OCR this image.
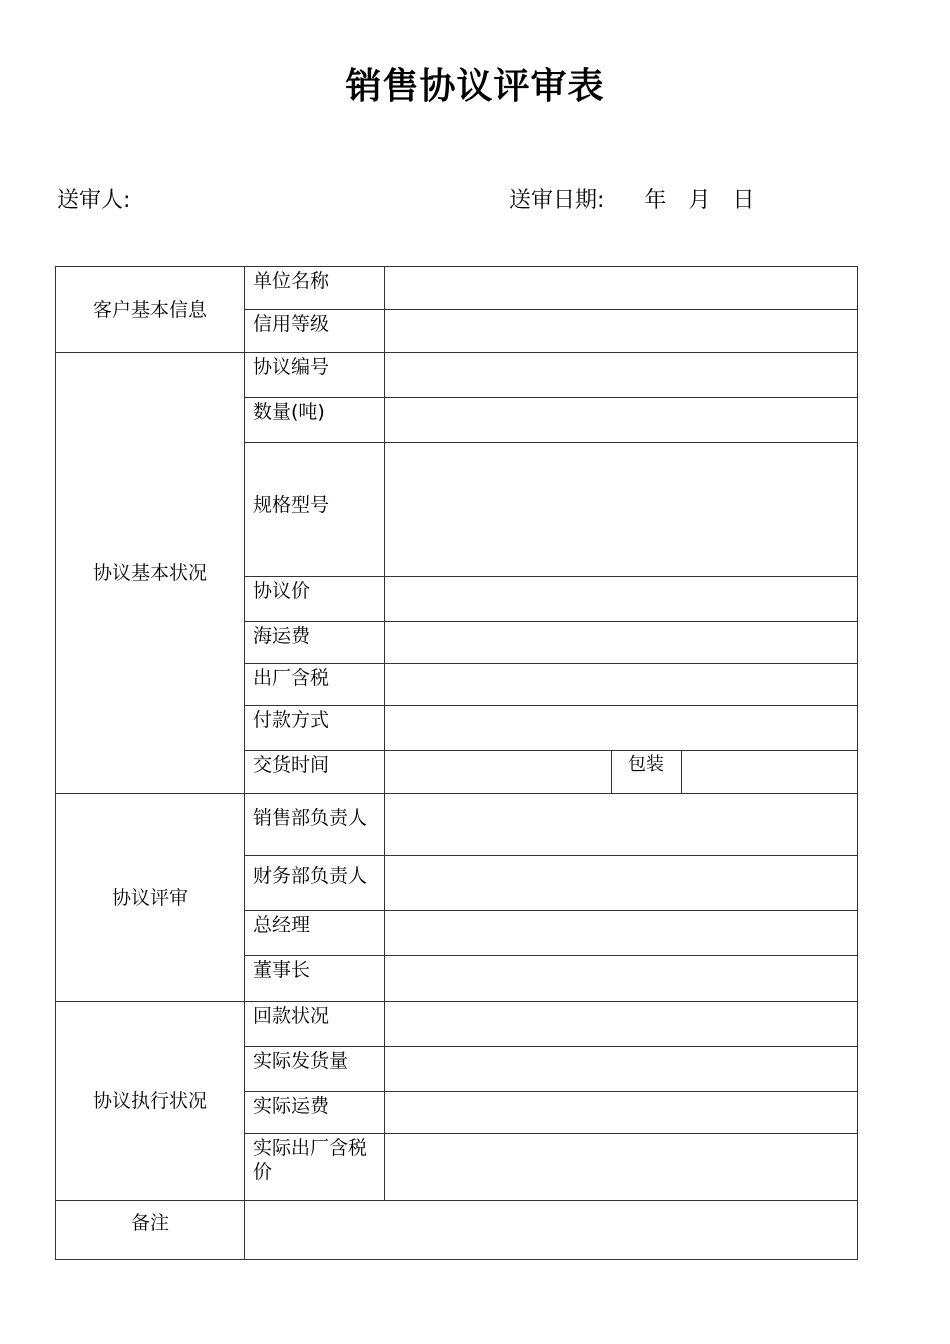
销售协议评审表
送审人:	送审日期: 年 月 日
客户基本信息	单位名称			
	信用等级			
协议基本状况	协议编号			
	数量(吨)			
	规格型号			
	协议价			
	海运费			
	出厂含税			
	付款方式			
	交货时间		包装	
协议评审	销售部负责人			
	财务部负责人			
	总经理			
	董事长			
协议执行状况	回款状况			
	实际发货量			
	实际运费			
	实际出厂含税价			
备注				
